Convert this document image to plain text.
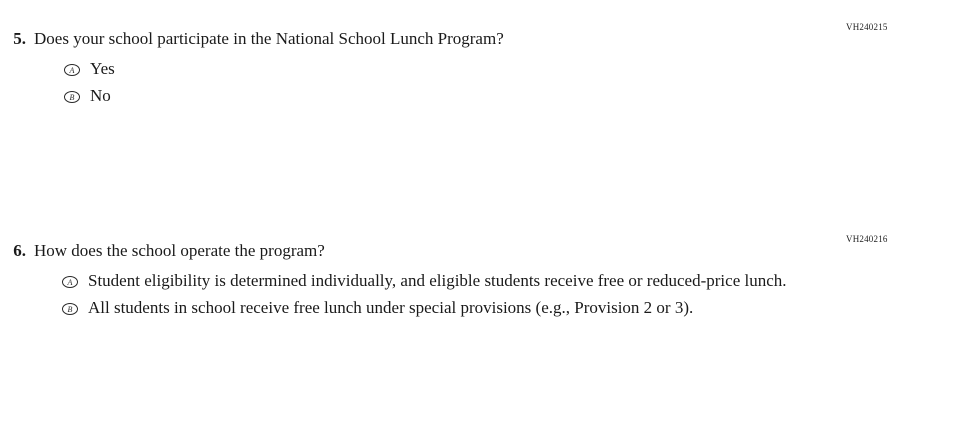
VH240215
5. Does your school participate in the National School Lunch Program?
A Yes
B No
VH240216
6. How does the school operate the program?
A Student eligibility is determined individually, and eligible students receive free or reduced-price lunch.
B All students in school receive free lunch under special provisions (e.g., Provision 2 or 3).
